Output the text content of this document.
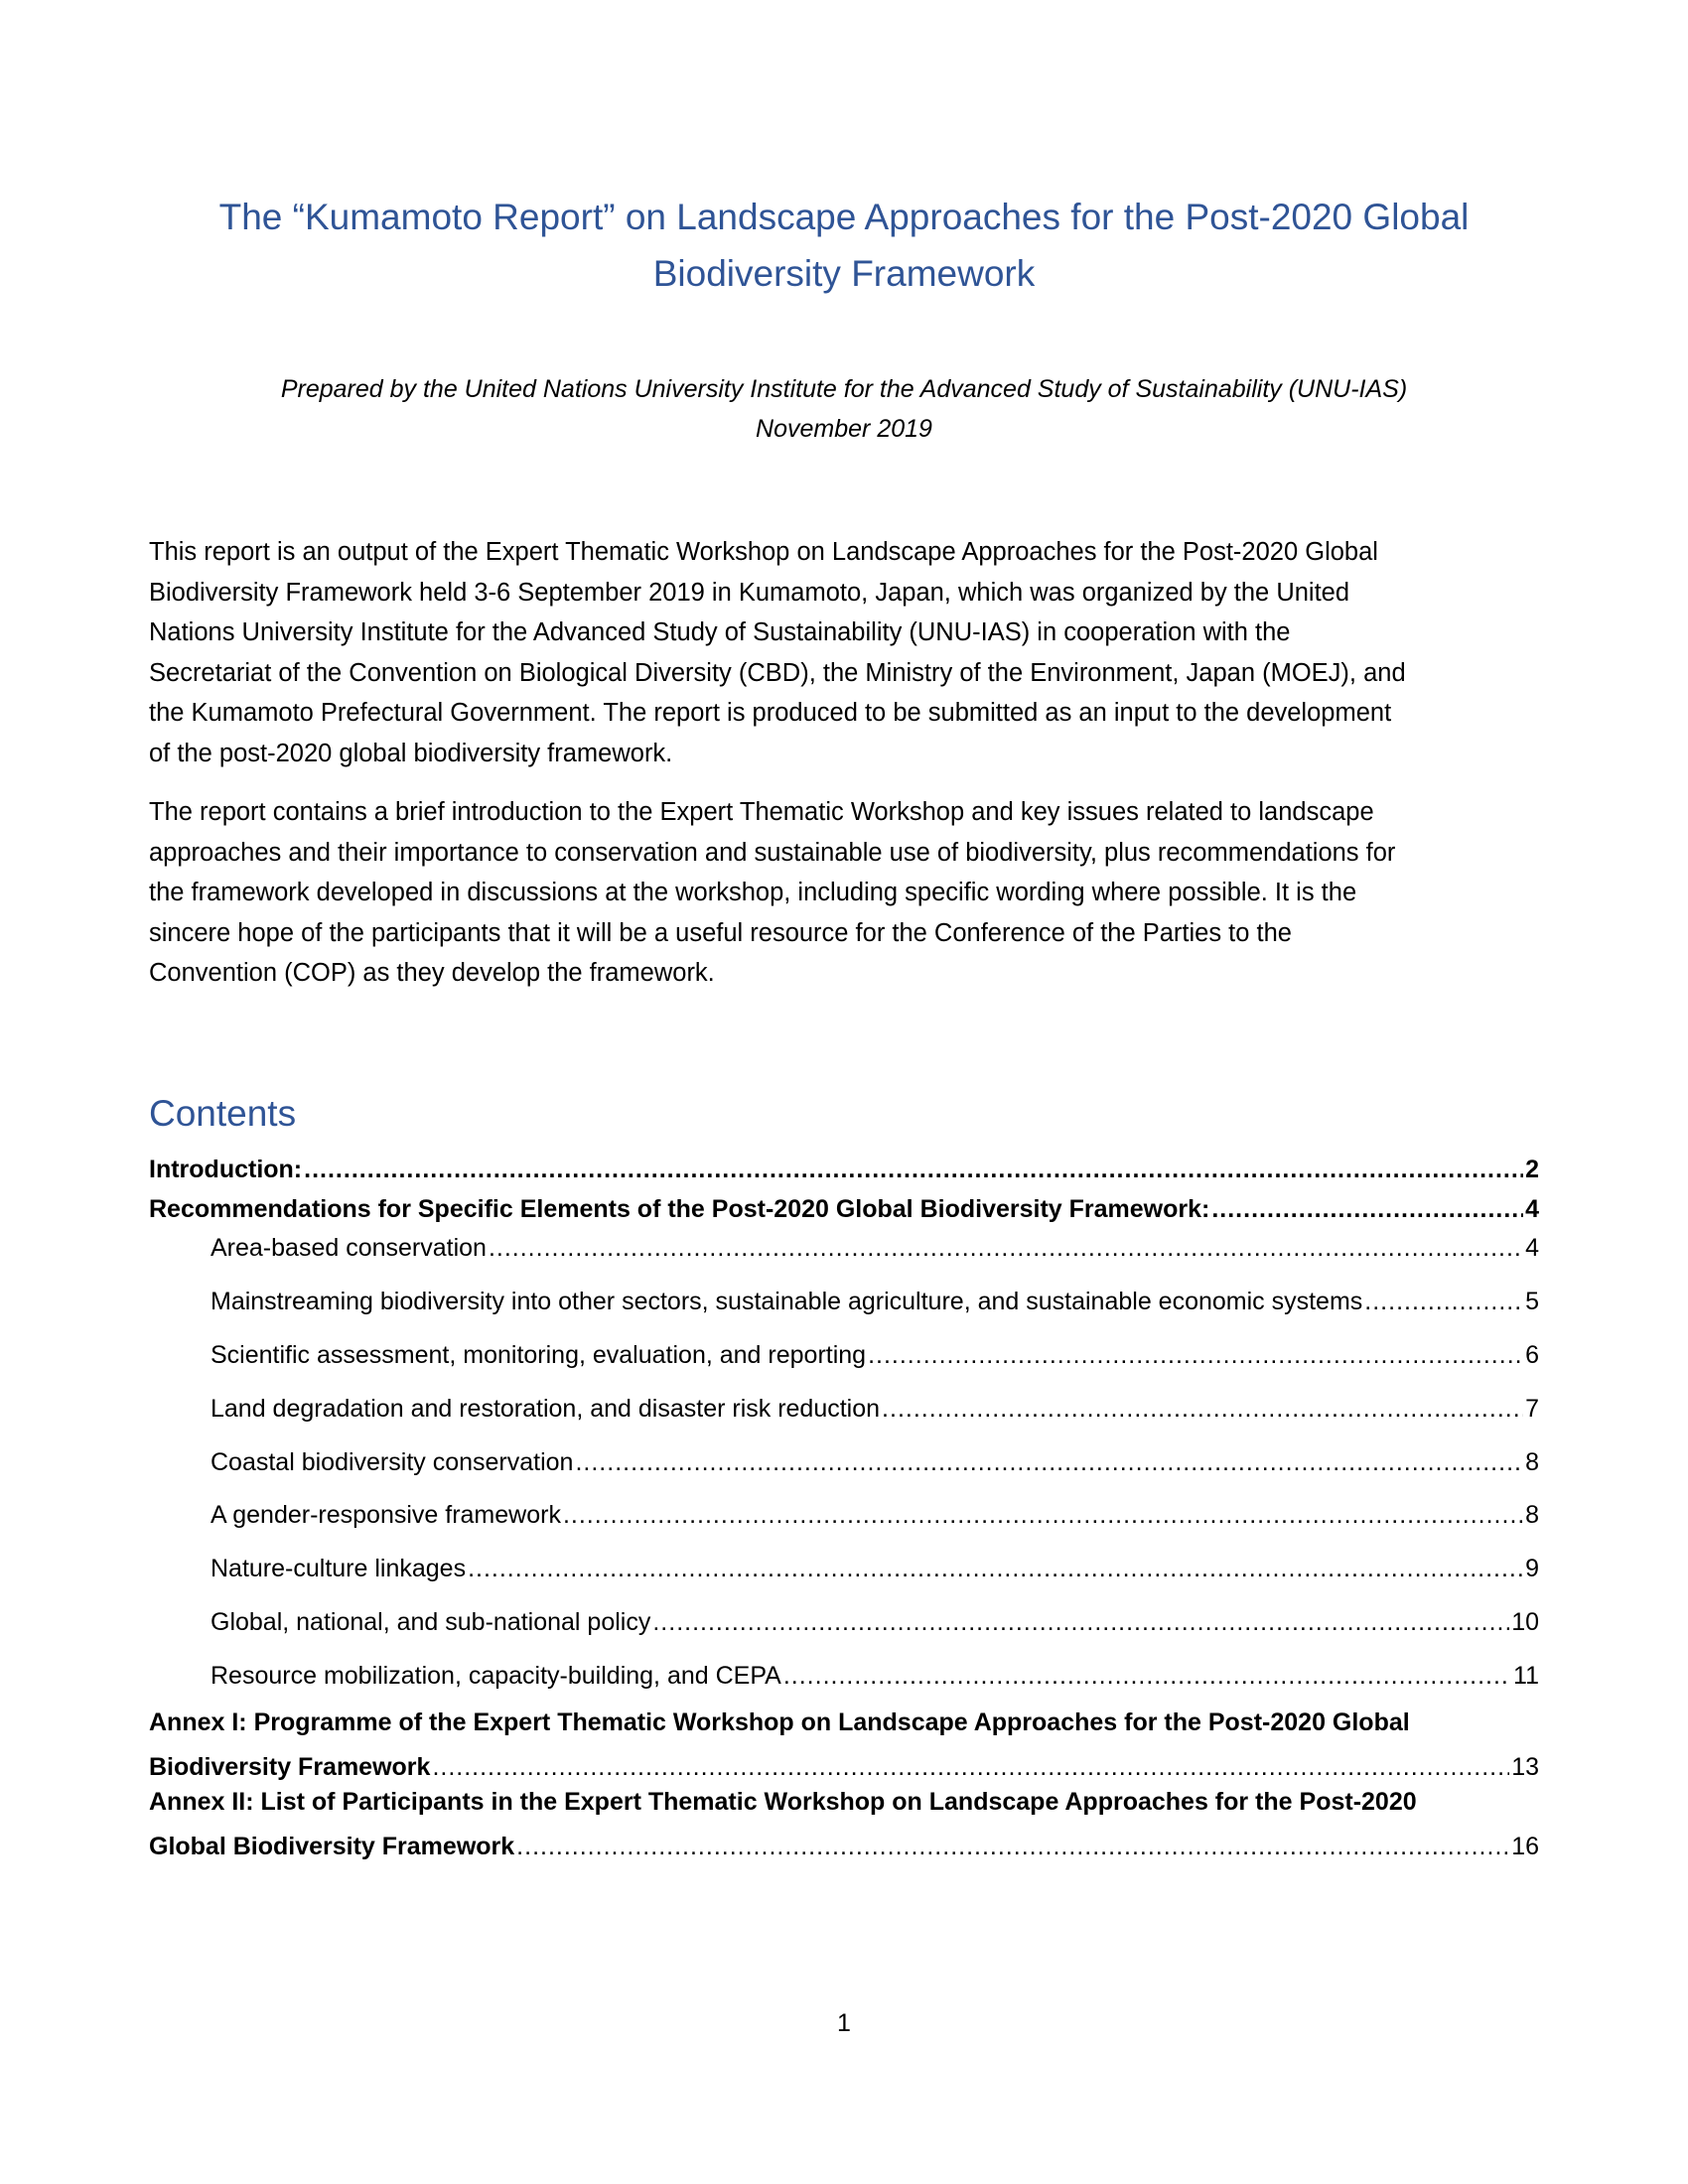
The “Kumamoto Report” on Landscape Approaches for the Post-2020 Global
Biodiversity Framework
Prepared by the United Nations University Institute for the Advanced Study of Sustainability (UNU-IAS)
November 2019
This report is an output of the Expert Thematic Workshop on Landscape Approaches for the Post-2020 Global
Biodiversity Framework held 3-6 September 2019 in Kumamoto, Japan, which was organized by the United
Nations University Institute for the Advanced Study of Sustainability (UNU-IAS) in cooperation with the
Secretariat of the Convention on Biological Diversity (CBD), the Ministry of the Environment, Japan (MOEJ), and
the Kumamoto Prefectural Government. The report is produced to be submitted as an input to the development
of the post-2020 global biodiversity framework.
The report contains a brief introduction to the Expert Thematic Workshop and key issues related to landscape
approaches and their importance to conservation and sustainable use of biodiversity, plus recommendations for
the framework developed in discussions at the workshop, including specific wording where possible. It is the
sincere hope of the participants that it will be a useful resource for the Conference of the Parties to the
Convention (COP) as they develop the framework.
Contents
Introduction: .....	2
Recommendations for Specific Elements of the Post-2020 Global Biodiversity Framework: .....	4
Area-based conservation .....	4
Mainstreaming biodiversity into other sectors, sustainable agriculture, and sustainable economic systems .....	5
Scientific assessment, monitoring, evaluation, and reporting .....	6
Land degradation and restoration, and disaster risk reduction .....	7
Coastal biodiversity conservation .....	8
A gender-responsive framework .....	8
Nature-culture linkages .....	9
Global, national, and sub-national policy .....	10
Resource mobilization, capacity-building, and CEPA .....	11
Annex I: Programme of the Expert Thematic Workshop on Landscape Approaches for the Post-2020 Global
Biodiversity Framework .....	13
Annex II: List of Participants in the Expert Thematic Workshop on Landscape Approaches for the Post-2020
Global Biodiversity Framework .....	16
1
